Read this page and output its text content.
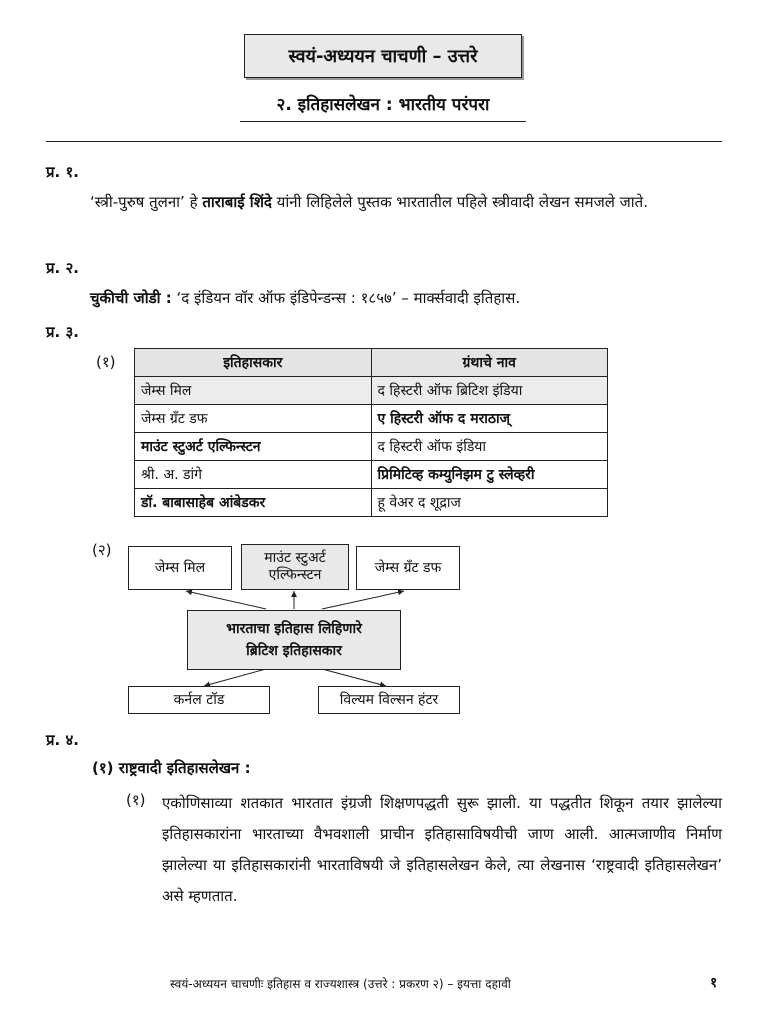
स्वयं-अध्ययन चाचणी – उत्तरे
२. इतिहासलेखन : भारतीय परंपरा
प्र. १.
‘स्त्री-पुरुष तुलना’ हे ताराबाई शिंदे यांनी लिहिलेले पुस्तक भारतातील पहिले स्त्रीवादी लेखन समजले जाते.
प्र. २.
चुकीची जोडी : ‘द इंडियन वॉर ऑफ इंडिपेन्डन्स : १८५७’ – मार्क्सवादी इतिहास.
प्र. ३.
(१)	इतिहासकार	ग्रंथाचे नाव
जेम्स मिल	द हिस्टरी ऑफ ब्रिटिश इंडिया
जेम्स ग्रँट डफ	ए हिस्टरी ऑफ द मराठाज्
माउंट स्टुअर्ट एल्फिन्स्टन	द हिस्टरी ऑफ इंडिया
श्री. अ. डांगे	प्रिमिटिव्ह कम्युनिझम टु स्लेव्हरी
डॉ. बाबासाहेब आंबेडकर	हू वेअर द शूद्राज
(२)
जेम्स मिल
माउंट स्टुअर्ट एल्फिन्स्टन	जेम्स ग्रँट डफ
भारताचा इतिहास लिहिणारे
ब्रिटिश इतिहासकार
कर्नल टॉड	विल्यम विल्सन हंटर
प्र. ४.
(१) राष्ट्रवादी इतिहासलेखन :
(१) एकोणिसाव्या शतकात भारतात इंग्रजी शिक्षणपद्धती सुरू झाली. या पद्धतीत शिकून तयार झालेल्या इतिहासकारांना भारताच्या वैभवशाली प्राचीन इतिहासाविषयीची जाण आली. आत्मजाणीव निर्माण झालेल्या या इतिहासकारांनी भारताविषयी जे इतिहासलेखन केले, त्या लेखनास ‘राष्ट्रवादी इतिहासलेखन’ असे म्हणतात.
स्वयं-अध्ययन चाचणीः इतिहास व राज्यशास्त्र (उत्तरे : प्रकरण २) – इयत्ता दहावी	१
